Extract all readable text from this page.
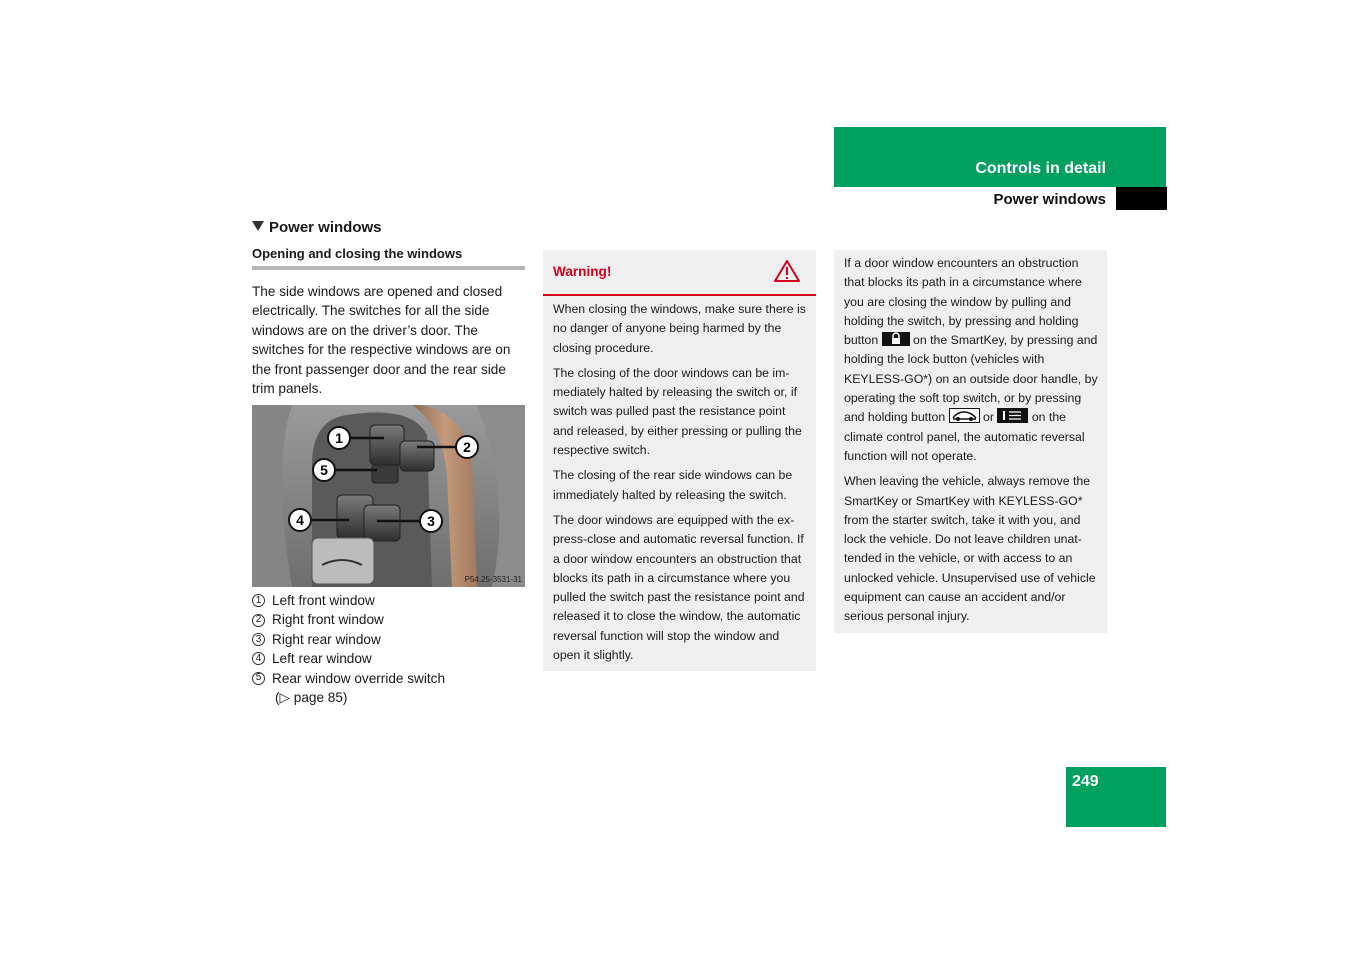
Controls in detail
Power windows
Power windows
Opening and closing the windows
The side windows are opened and closed electrically. The switches for all the side windows are on the driver’s door. The switches for the respective windows are on the front passenger door and the rear side trim panels.
1
2
5
4	3
P54.25-3531-31
1 Left front window
2 Right front window
3 Right rear window
4 Left rear window
5 Rear window override switch
(▷ page 85)
Warning!

When closing the windows, make sure there is no danger of anyone being harmed by the closing procedure.

The closing of the door windows can be immediately halted by releasing the switch or, if switch was pulled past the resistance point and released, by either pressing or pulling the respective switch.

The closing of the rear side windows can be immediately halted by releasing the switch.

The door windows are equipped with the express-close and automatic reversal function. If a door window encounters an obstruction that blocks its path in a circumstance where you pulled the switch past the resistance point and released it to close the window, the automatic reversal function will stop the window and open it slightly.

If a door window encounters an obstruction that blocks its path in a circumstance where you are closing the window by pulling and holding the switch, by pressing and holding button	on the SmartKey, by pressing and holding the lock button (vehicles with KEYLESS-GO*) on an outside door handle, by operating the soft top switch, or by pressing and holding button	or	on the climate control panel, the automatic reversal function will not operate.

When leaving the vehicle, always remove the SmartKey or SmartKey with KEYLESS-GO* from the starter switch, take it with you, and lock the vehicle. Do not leave children unattended in the vehicle, or with access to an unlocked vehicle. Unsupervised use of vehicle equipment can cause an accident and/or serious personal injury.

249
